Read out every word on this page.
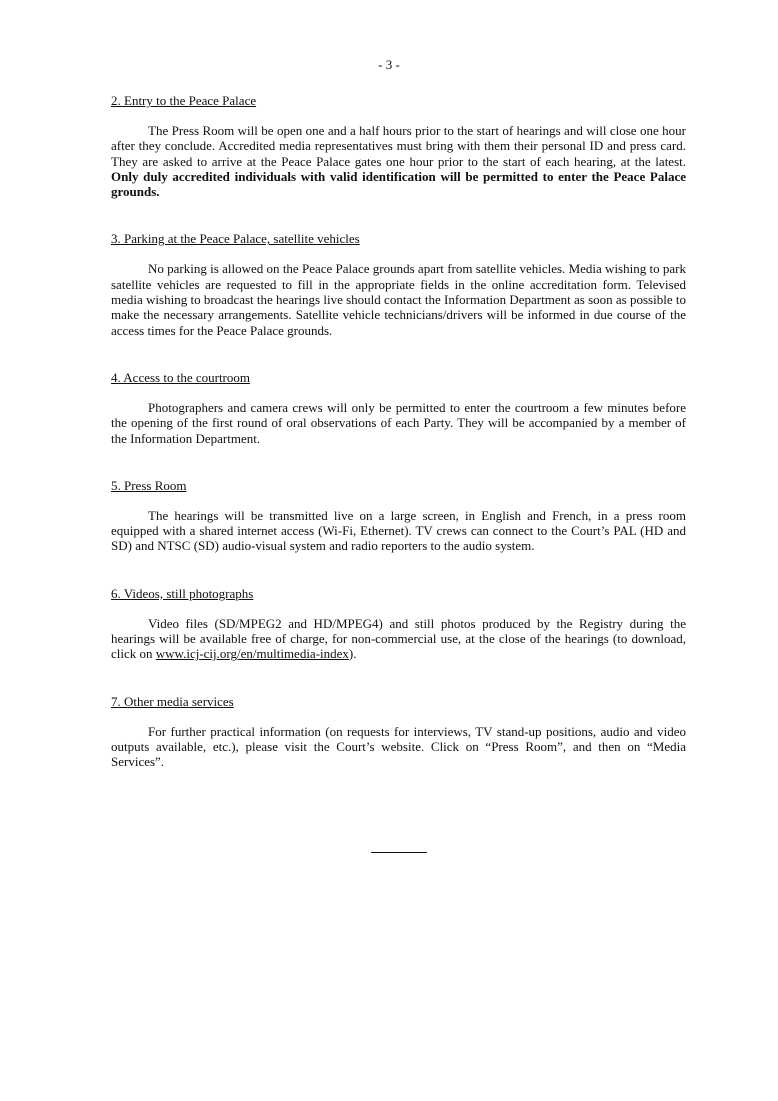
- 3 -

2. Entry to the Peace Palace

The Press Room will be open one and a half hours prior to the start of hearings and will close one hour after they conclude. Accredited media representatives must bring with them their personal ID and press card. They are asked to arrive at the Peace Palace gates one hour prior to the start of each hearing, at the latest. Only duly accredited individuals with valid identification will be permitted to enter the Peace Palace grounds.

3. Parking at the Peace Palace, satellite vehicles

No parking is allowed on the Peace Palace grounds apart from satellite vehicles. Media wishing to park satellite vehicles are requested to fill in the appropriate fields in the online accreditation form. Televised media wishing to broadcast the hearings live should contact the Information Department as soon as possible to make the necessary arrangements. Satellite vehicle technicians/drivers will be informed in due course of the access times for the Peace Palace grounds.

4. Access to the courtroom

Photographers and camera crews will only be permitted to enter the courtroom a few minutes before the opening of the first round of oral observations of each Party. They will be accompanied by a member of the Information Department.

5. Press Room

The hearings will be transmitted live on a large screen, in English and French, in a press room equipped with a shared internet access (Wi-Fi, Ethernet). TV crews can connect to the Court’s PAL (HD and SD) and NTSC (SD) audio-visual system and radio reporters to the audio system.

6. Videos, still photographs

Video files (SD/MPEG2 and HD/MPEG4) and still photos produced by the Registry during the hearings will be available free of charge, for non-commercial use, at the close of the hearings (to download, click on www.icj-cij.org/en/multimedia-index).

7. Other media services

For further practical information (on requests for interviews, TV stand-up positions, audio and video outputs available, etc.), please visit the Court’s website. Click on “Press Room”, and then on “Media Services”.
